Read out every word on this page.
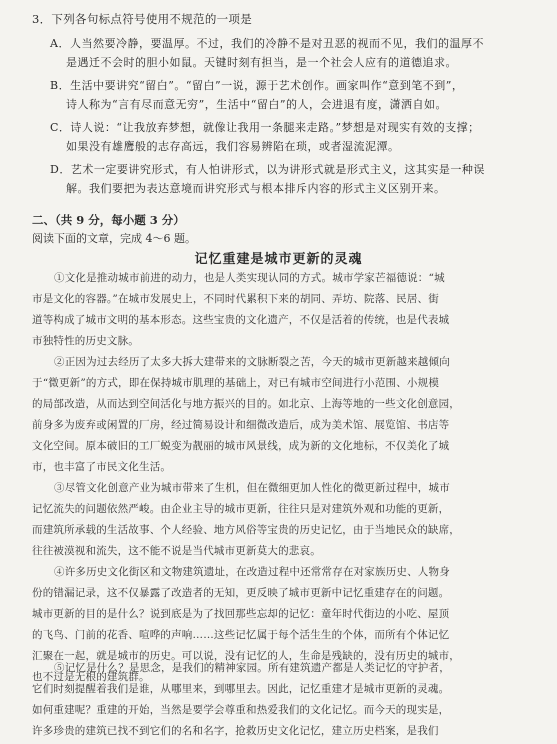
3．下列各句标点符号使用不规范的一项是
A．人当然要冷静，要温厚。不过，我们的冷静不是对丑恶的视而不见，我们的温厚不
是遇迁不会时的胆小如鼠。天键时刻有担当，是一个社会人应有的道德追求。
B．生活中要讲究“留白”。“留白”一说，源于艺术创作。画家叫作“意到笔不到”，
诗人称为“言有尽而意无穷”，生活中“留白”的人，会进退有度，潇洒自如。
C．诗人说：“让我放弃梦想，就像让我用一条腿来走路。”梦想是对现实有效的支撑；
如果没有雄鹰般的志存高远，我们容易辨陷在琐，或者湿流泥潭。
D．艺术一定要讲究形式，有人怕讲形式，以为讲形式就是形式主义，这其实是一种误
解。我们要把为表达意境而讲究形式与根本排斥内容的形式主义区别开来。
二、（共 9 分，每小题 3 分）
阅读下面的文章，完成 4～6 题。
记忆重建是城市更新的灵魂
①文化是推动城市前进的动力，也是人类实现认同的方式。城市学家芒福德说：“城
市是文化的容器。”在城市发展史上，不同时代累积下来的胡同、弄坊、院落、民居、街
道等构成了城市文明的基本形态。这些宝贵的文化遗产，不仅是活着的传统，也是代表城
市独特性的历史文脉。
②正因为过去经历了太多大拆大建带来的文脉断裂之苦，今天的城市更新越来越倾向
于“微更新”的方式，即在保持城市肌理的基础上，对已有城市空间进行小范围、小规模
的局部改造，从而达到空间活化与地方振兴的目的。如北京、上海等地的一些文化创意园，
前身多为废弃或闲置的厂房，经过简易设计和细微改造后，成为美术馆、展览馆、书店等
文化空间。原本破旧的工厂蜕变为靓丽的城市风景线，成为新的文化地标，不仅美化了城
市，也丰富了市民文化生活。
③尽管文化创意产业为城市带来了生机，但在微细更加人性化的微更新过程中，城市
记忆流失的问题依然严峻。由企业主导的城市更新，往往只是对建筑外观和功能的更新，
而建筑所承载的生活故事、个人经验、地方风俗等宝贵的历史记忆，由于当地民众的缺席，
往往被漠视和流失，这不能不说是当代城市更新莫大的悲哀。
④许多历史文化街区和文物建筑遗址，在改造过程中还常常存在对家族历史、人物身
份的错漏记录，这不仅暴露了改造者的无知，更反映了城市更新中记忆重建存在的问题。
城市更新的目的是什么？说到底是为了找回那些忘却的记忆：童年时代街边的小吃、屋顶
的飞鸟、门前的花香、喧哗的声响……这些记忆属于每个活生生的个体，而所有个体记忆
汇聚在一起，就是城市的历史。可以说，没有记忆的人，生命是残缺的，没有历史的城市，
也不过是无根的建筑群。
⑤记忆是什么？是思念，是我们的精神家园。所有建筑遗产都是人类记忆的守护者，
它们时刻提醒着我们是谁，从哪里来，到哪里去。因此，记忆重建才是城市更新的灵魂。
如何重建呢？重建的开始，当然是要学会尊重和热爱我们的文化记忆。而今天的现实是，
许多珍贵的建筑已找不到它们的名和名字，抢救历史文化记忆，建立历史档案，是我们
